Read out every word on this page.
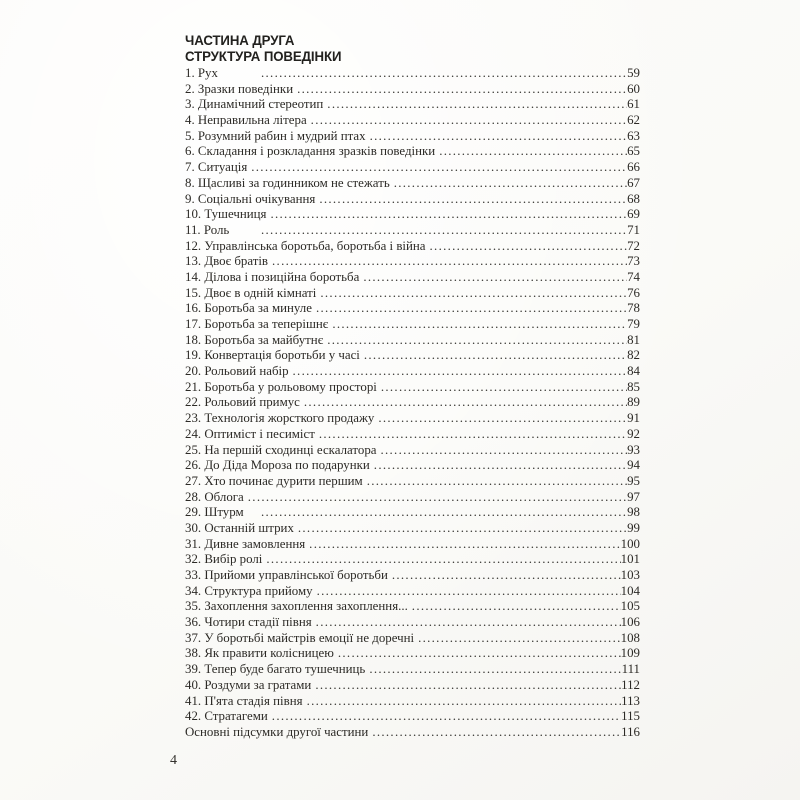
ЧАСТИНА ДРУГА
СТРУКТУРА ПОВЕДІНКИ
1. Рух .....	59
2. Зразки поведінки .....	60
3. Динамічний стереотип .....	61
4. Неправильна літера .....	62
5. Розумний рабин і мудрий птах .....	63
6. Складання і розкладання зразків поведінки .....	65
7. Ситуація .....	66
8. Щасливі за годинником не стежать .....	67
9. Соціальні очікування .....	68
10. Тушечниця .....	69
11. Роль .....	71
12. Управлінська боротьба, боротьба і війна .....	72
13. Двоє братів .....	73
14. Ділова і позиційна боротьба .....	74
15. Двоє в одній кімнаті .....	76
16. Боротьба за минуле .....	78
17. Боротьба за теперішнє .....	79
18. Боротьба за майбутнє .....	81
19. Конвертація боротьби у часі .....	82
20. Рольовий набір .....	84
21. Боротьба у рольовому просторі .....	85
22. Рольовий примус .....	89
23. Технологія жорсткого продажу .....	91
24. Оптиміст і песиміст .....	92
25. На першій сходинці ескалатора .....	93
26. До Діда Мороза по подарунки .....	94
27. Хто починає дурити першим .....	95
28. Облога .....	97
29. Штурм .....	98
30. Останній штрих .....	99
31. Дивне замовлення .....	100
32. Вибір ролі .....	101
33. Прийоми управлінської боротьби .....	103
34. Структура прийому .....	104
35. Захоплення захоплення захоплення... .....	105
36. Чотири стадії півня .....	106
37. У боротьбі майстрів емоції не доречні .....	108
38. Як правити колісницею .....	109
39. Тепер буде багато тушечниць .....	111
40. Роздуми за гратами .....	112
41. П'ята стадія півня .....	113
42. Стратагеми .....	115
Основні підсумки другої частини .....	116
4
